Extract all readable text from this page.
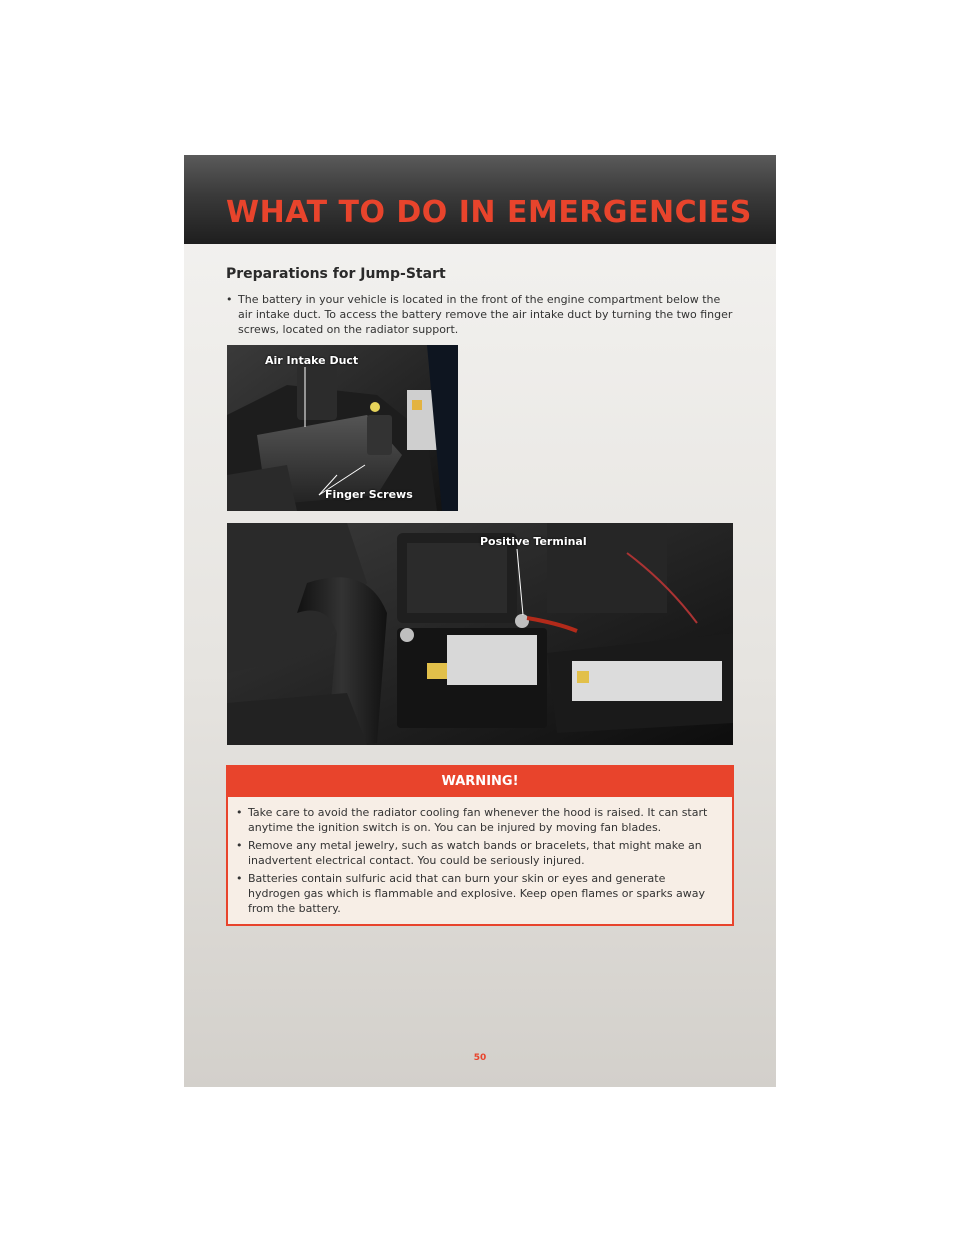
WHAT TO DO IN EMERGENCIES
Preparations for Jump-Start
• The battery in your vehicle is located in the front of the engine compartment below the air intake duct. To access the battery remove the air intake duct by turning the two finger screws, located on the radiator support.
Air Intake Duct
Finger Screws
Positive Terminal
WARNING!
• Take care to avoid the radiator cooling fan whenever the hood is raised. It can start anytime the ignition switch is on. You can be injured by moving fan blades.
• Remove any metal jewelry, such as watch bands or bracelets, that might make an inadvertent electrical contact. You could be seriously injured.
• Batteries contain sulfuric acid that can burn your skin or eyes and generate hydrogen gas which is flammable and explosive. Keep open flames or sparks away from the battery.
50
